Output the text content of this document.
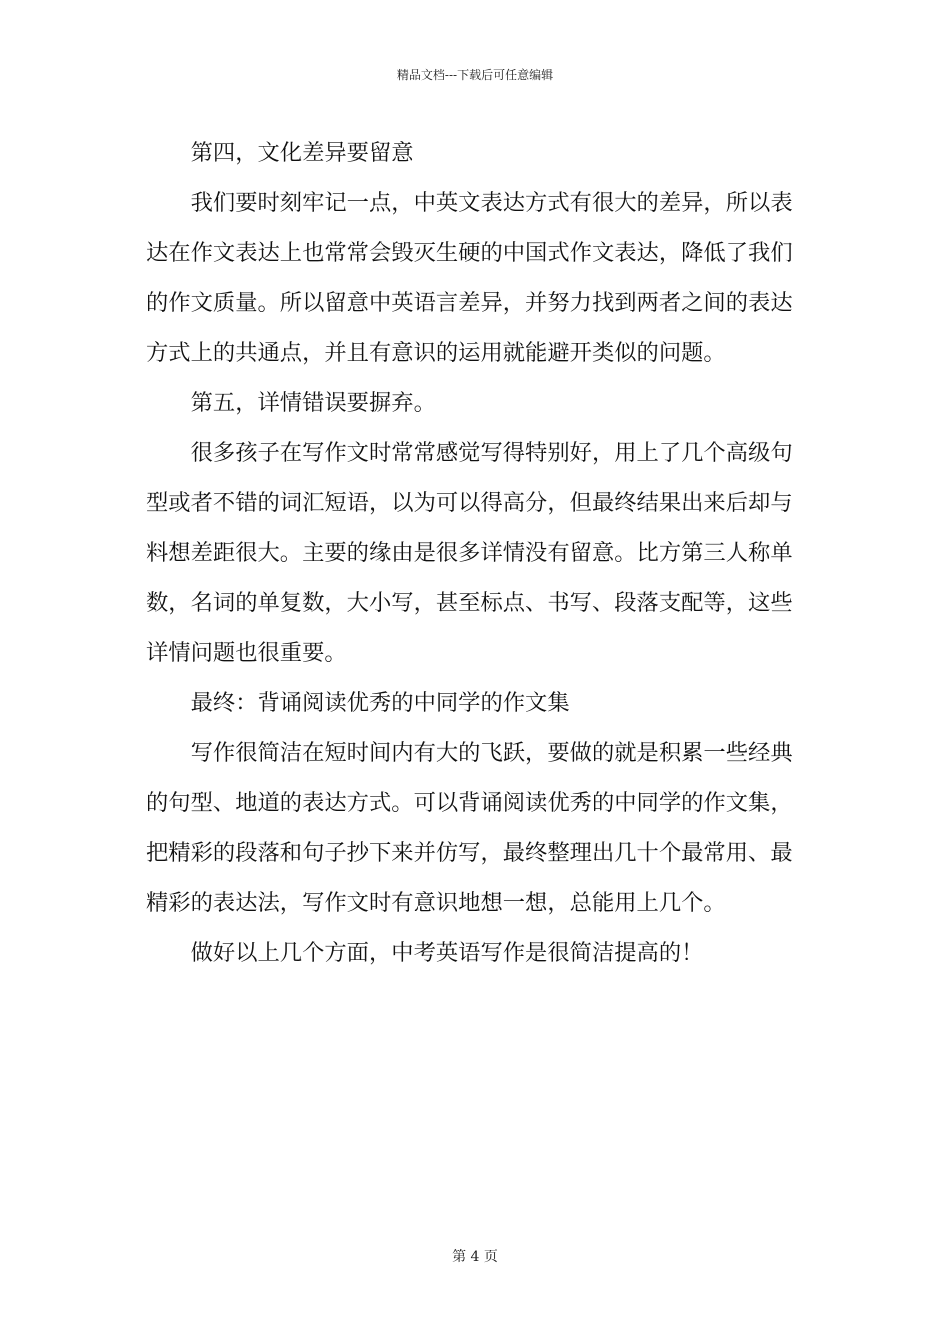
精品文档---下载后可任意编辑

第四，文化差异要留意

我们要时刻牢记一点，中英文表达方式有很大的差异，所以表达在作文表达上也常常会毁灭生硬的中国式作文表达，降低了我们的作文质量。所以留意中英语言差异，并努力找到两者之间的表达方式上的共通点，并且有意识的运用就能避开类似的问题。

第五，详情错误要摒弃。

很多孩子在写作文时常常感觉写得特别好，用上了几个高级句型或者不错的词汇短语，以为可以得高分，但最终结果出来后却与料想差距很大。主要的缘由是很多详情没有留意。比方第三人称单数，名词的单复数，大小写，甚至标点、书写、段落支配等，这些详情问题也很重要。

最终：背诵阅读优秀的中同学的作文集

写作很简洁在短时间内有大的飞跃，要做的就是积累一些经典的句型、地道的表达方式。可以背诵阅读优秀的中同学的作文集，把精彩的段落和句子抄下来并仿写，最终整理出几十个最常用、最精彩的表达法，写作文时有意识地想一想，总能用上几个。

做好以上几个方面，中考英语写作是很简洁提高的！

第 4 页
